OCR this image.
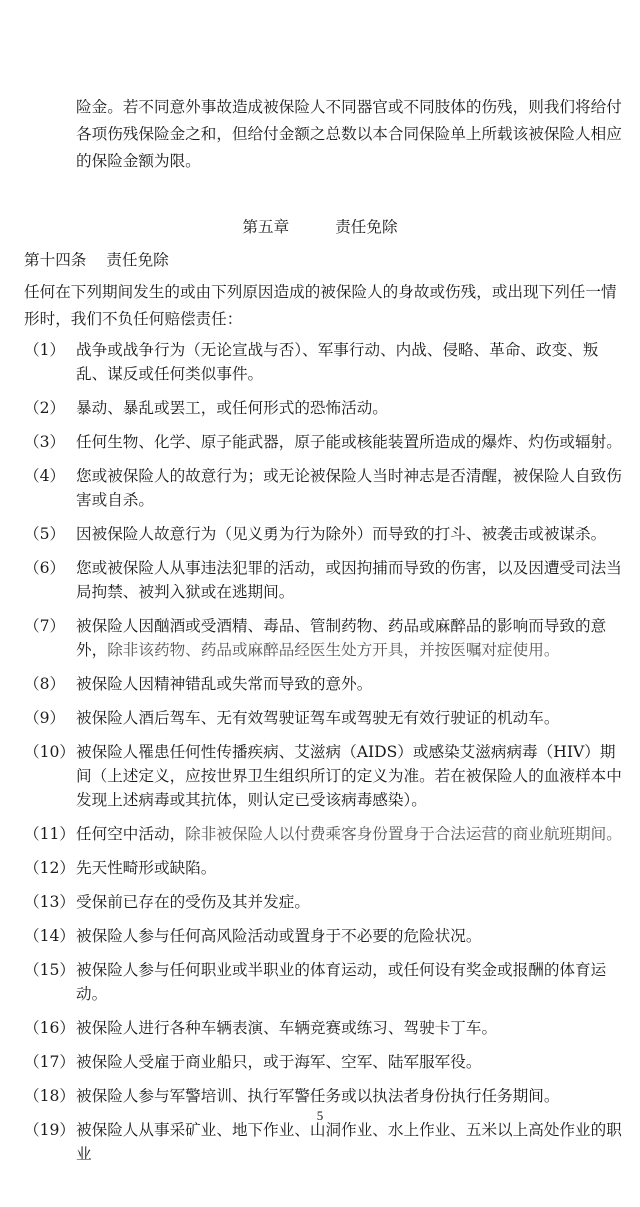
险金。若不同意外事故造成被保险人不同器官或不同肢体的伤残，则我们将给付各项伤残保险金之和，但给付金额之总数以本合同保险单上所载该被保险人相应的保险金额为限。
第五章	责任免除
第十四条 责任免除
任何在下列期间发生的或由下列原因造成的被保险人的身故或伤残，或出现下列任一情形时，我们不负任何赔偿责任：
（1） 战争或战争行为（无论宣战与否）、军事行动、内战、侵略、革命、政变、叛乱、谋反或任何类似事件。
（2） 暴动、暴乱或罢工，或任何形式的恐怖活动。
（3） 任何生物、化学、原子能武器，原子能或核能装置所造成的爆炸、灼伤或辐射。
（4） 您或被保险人的故意行为；或无论被保险人当时神志是否清醒，被保险人自致伤害或自杀。
（5） 因被保险人故意行为（见义勇为行为除外）而导致的打斗、被袭击或被谋杀。
（6） 您或被保险人从事违法犯罪的活动，或因拘捕而导致的伤害，以及因遭受司法当局拘禁、被判入狱或在逃期间。
（7） 被保险人因酗酒或受酒精、毒品、管制药物、药品或麻醉品的影响而导致的意外，除非该药物、药品或麻醉品经医生处方开具，并按医嘱对症使用。
（8） 被保险人因精神错乱或失常而导致的意外。
（9） 被保险人酒后驾车、无有效驾驶证驾车或驾驶无有效行驶证的机动车。
（10） 被保险人罹患任何性传播疾病、艾滋病（AIDS）或感染艾滋病病毒（HIV）期间（上述定义，应按世界卫生组织所订的定义为准。若在被保险人的血液样本中发现上述病毒或其抗体，则认定已受该病毒感染）。
（11） 任何空中活动，除非被保险人以付费乘客身份置身于合法运营的商业航班期间。
（12） 先天性畸形或缺陷。
（13） 受保前已存在的受伤及其并发症。
（14） 被保险人参与任何高风险活动或置身于不必要的危险状况。
（15） 被保险人参与任何职业或半职业的体育运动，或任何设有奖金或报酬的体育运动。
（16） 被保险人进行各种车辆表演、车辆竞赛或练习、驾驶卡丁车。
（17） 被保险人受雇于商业船只，或于海军、空军、陆军服军役。
（18） 被保险人参与军警培训、执行军警任务或以执法者身份执行任务期间。
（19） 被保险人从事采矿业、地下作业、山洞作业、水上作业、五米以上高处作业的职业
5
